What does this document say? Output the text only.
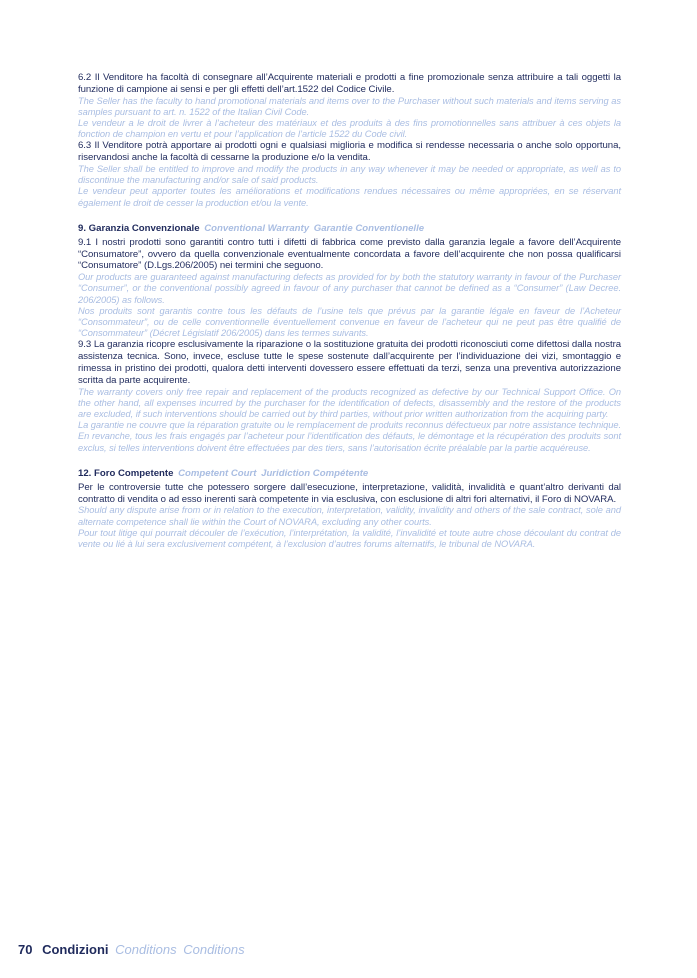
6.2 Il Venditore ha facoltà di consegnare all’Acquirente materiali e prodotti a fine promozionale senza attribuire a tali oggetti la funzione di campione ai sensi e per gli effetti dell’art.1522 del Codice Civile.

The Seller has the faculty to hand promotional materials and items over to the Purchaser without such materials and items serving as samples pursuant to art. n. 1522 of the Italian Civil Code.

Le vendeur a le droit de livrer à l’acheteur des matériaux et des produits à des fins promotionnelles sans attribuer à ces objets la fonction de champion en vertu et pour l’application de l’article 1522 du Code civil.

6.3 Il Venditore potrà apportare ai prodotti ogni e qualsiasi miglioria e modifica si rendesse necessaria o anche solo opportuna, riservandosi anche la facoltà di cessarne la produzione e/o la vendita.

The Seller shall be entitled to improve and modify the products in any way whenever it may be needed or appropriate, as well as to discontinue the manufacturing and/or sale of said products.

Le vendeur peut apporter toutes les améliorations et modifications rendues nécessaires ou même appropriées, en se réservant également le droit de cesser la production et/ou la vente.

9. Garanzia Convenzionale Conventional Warranty Garantie Conventionelle

9.1 I nostri prodotti sono garantiti contro tutti i difetti di fabbrica come previsto dalla garanzia legale a favore dell’Acquirente “Consumatore”, ovvero da quella convenzionale eventualmente concordata a favore dell’acquirente che non possa qualificarsi “Consumatore” (D.Lgs.206/2005) nei termini che seguono.

Our products are guaranteed against manufacturing defects as provided for by both the statutory warranty in favour of the Purchaser “Consumer”, or the conventional possibly agreed in favour of any purchaser that cannot be defined as a “Consumer” (Law Decree. 206/2005) as follows.

Nos produits sont garantis contre tous les défauts de l’usine tels que prévus par la garantie légale en faveur de l’Acheteur “Consommateur”, ou de celle conventionnelle éventuellement convenue en faveur de l’acheteur qui ne peut pas être qualifié de “Consommateur” (Décret Législatif 206/2005) dans les termes suivants.

9.3 La garanzia ricopre esclusivamente la riparazione o la sostituzione gratuita dei prodotti riconosciuti come difettosi dalla nostra assistenza tecnica. Sono, invece, escluse tutte le spese sostenute dall’acquirente per l’individuazione dei vizi, smontaggio e rimessa in pristino dei prodotti, qualora detti interventi dovessero essere effettuati da terzi, senza una preventiva autorizzazione scritta da parte acquirente.

The warranty covers only free repair and replacement of the products recognized as defective by our Technical Support Office. On the other hand, all expenses incurred by the purchaser for the identification of defects, disassembly and the restore of the products are excluded, if such interventions should be carried out by third parties, without prior written authorization from the acquiring party.

La garantie ne couvre que la réparation gratuite ou le remplacement de produits reconnus défectueux par notre assistance technique. En revanche, tous les frais engagés par l’acheteur pour l’identification des défauts, le démontage et la récupération des produits sont exclus, si telles interventions doivent être effectuées par des tiers, sans l’autorisation écrite préalable par la partie acquéreuse.

12. Foro Competente Competent Court Juridiction Compétente

Per le controversie tutte che potessero sorgere dall’esecuzione, interpretazione, validità, invalidità e quant’altro derivanti dal contratto di vendita o ad esso inerenti sarà competente in via esclusiva, con esclusione di altri fori alternativi, il Foro di NOVARA.

Should any dispute arise from or in relation to the execution, interpretation, validity, invalidity and others of the sale contract, sole and alternate competence shall lie within the Court of NOVARA, excluding any other courts.

Pour tout litige qui pourrait découler de l’exécution, l’interprétation, la validité, l’invalidité et toute autre chose découlant du contrat de vente ou lié à lui sera exclusivement compétent, à l’exclusion d’autres forums alternatifs, le tribunal de NOVARA.

70 Condizioni Conditions Conditions
